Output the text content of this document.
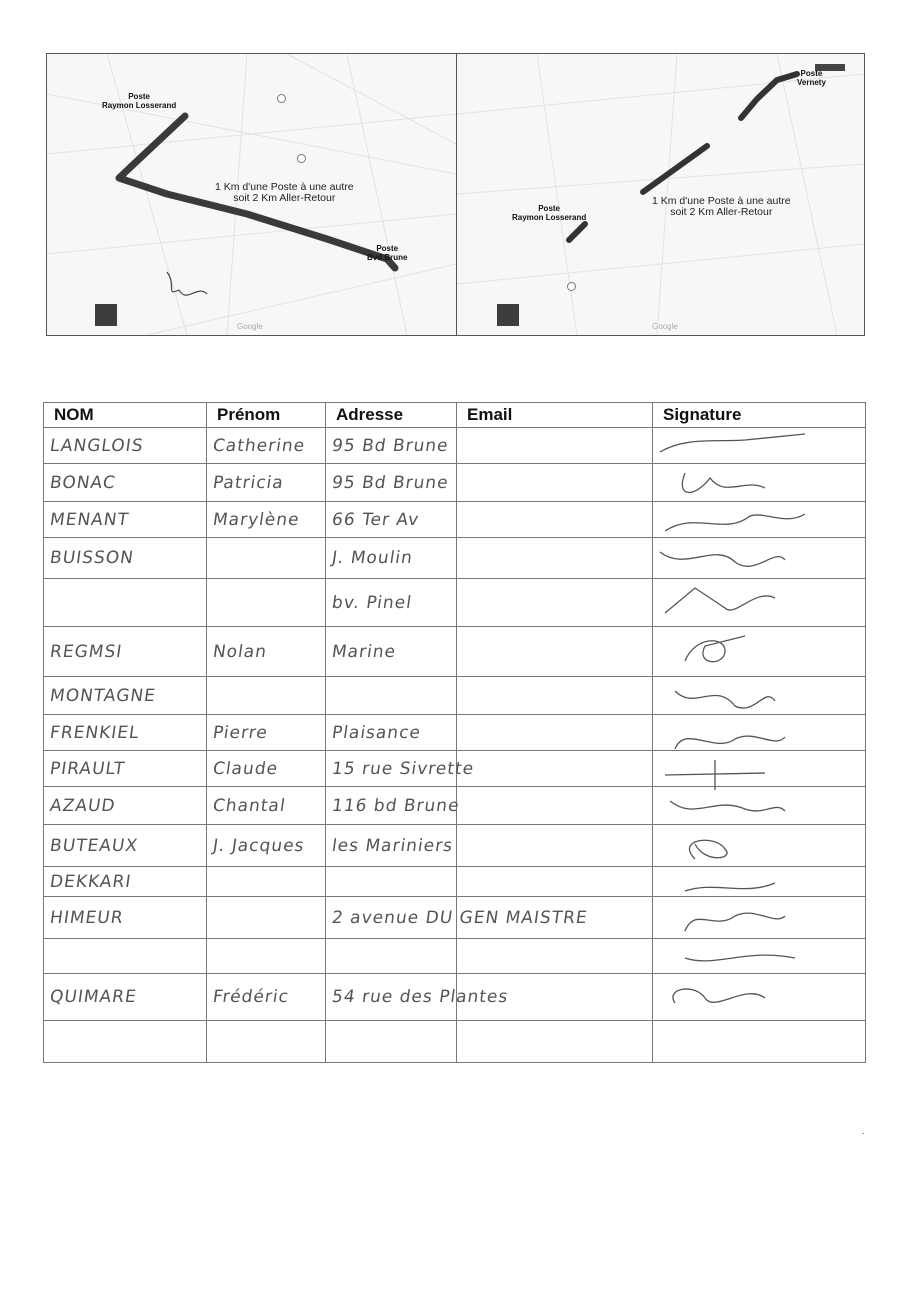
Poste
Raymon Losserand
Poste
Bvd Brune
1 Km d'une Poste à une autre
soit 2 Km Aller-Retour
Google
Poste
Raymon Losserand
Poste
Vernety
1 Km d'une Poste à une autre
soit 2 Km Aller-Retour
Google
NOM	Prénom	Adresse	Email	Signature
LANGLOIS	Catherine	95 Bd Brune		

BONAC	Patricia	95 Bd Brune		

MENANT	Marylène	66 Ter Av		

BUISSON		J. Moulin		

		bv. Pinel		

REGMSI	Nolan	Marine		

MONTAGNE				

FRENKIEL	Pierre	Plaisance		

PIRAULT	Claude	15 rue Sivrette		

AZAUD	Chantal	116 bd Brune		

BUTEAUX	J. Jacques	les Mariniers		

DEKKARI				

HIMEUR		2 avenue DU GEN MAISTRE		

QUIMARE	Frédéric	54 rue des Plantes		
